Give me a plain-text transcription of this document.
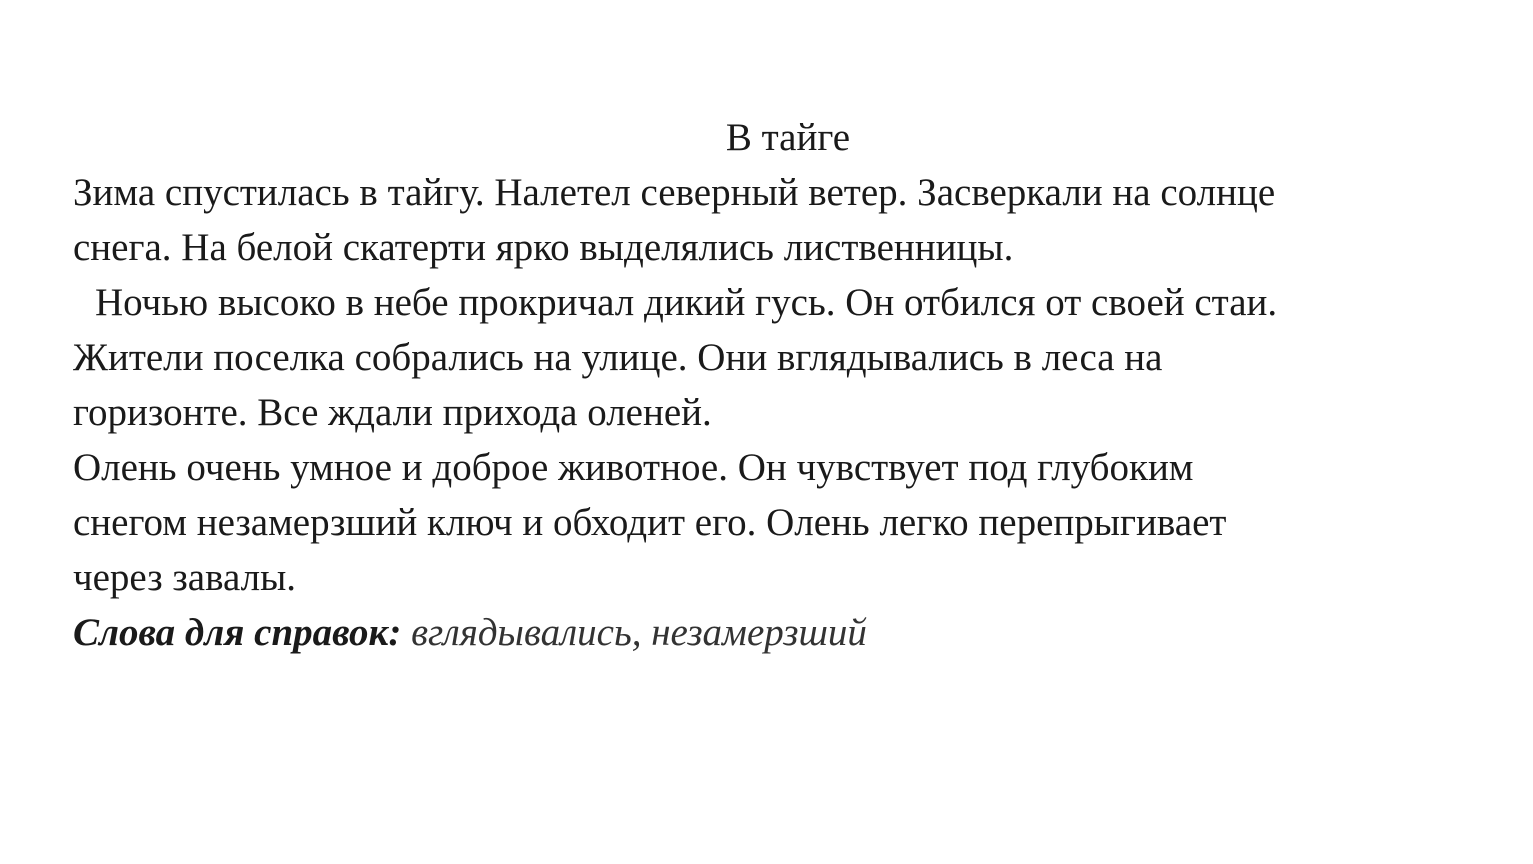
В тайге

Зима спустилась в тайгу. Налетел северный ветер. Засверкали на солнце

снега. На белой скатерти ярко выделялись лиственницы.

Ночью высоко в небе прокричал дикий гусь. Он отбился от своей стаи.

Жители поселка собрались на улице. Они вглядывались в леса на

горизонте. Все ждали прихода оленей.

Олень очень умное и доброе животное. Он чувствует под глубоким

снегом незамерзший ключ и обходит его. Олень легко перепрыгивает

через завалы.

Слова для справок: вглядывались, незамерзший
